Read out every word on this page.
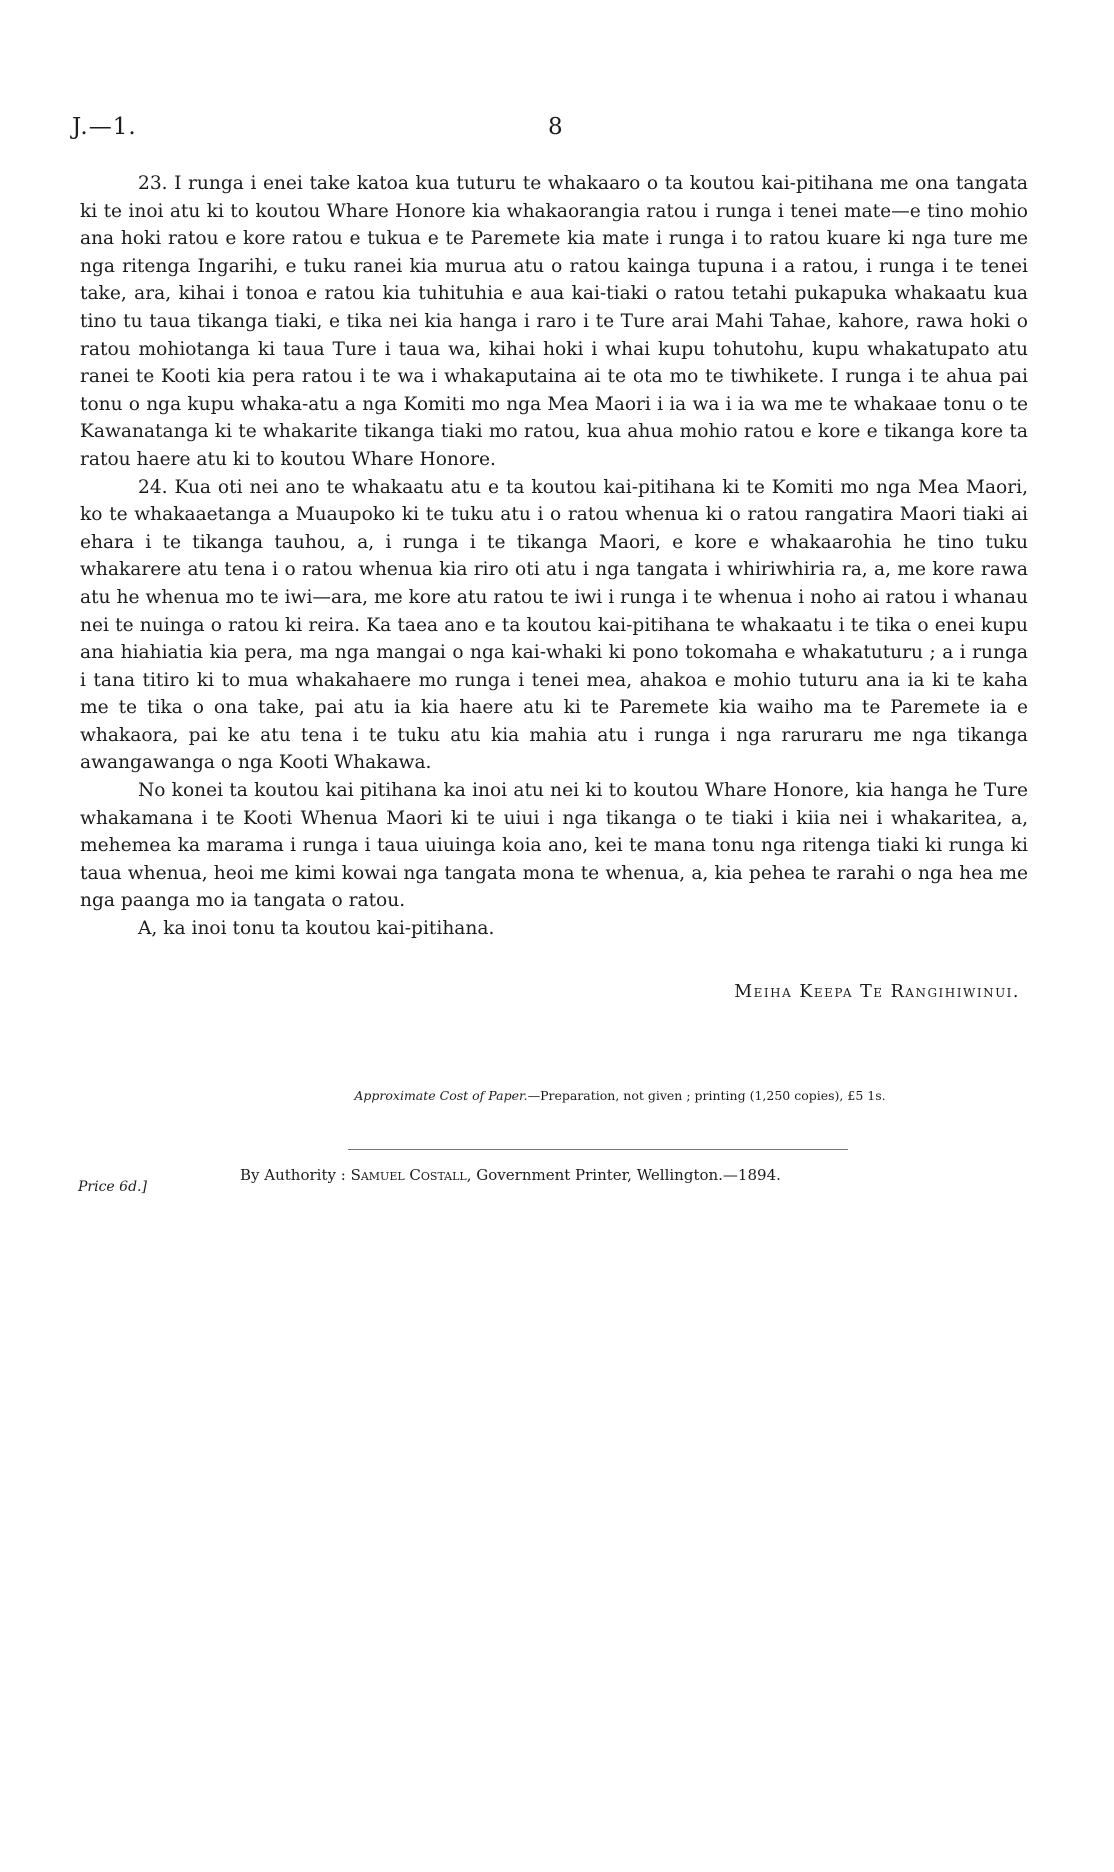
J.—1.	8

23. I runga i enei take katoa kua tuturu te whakaaro o ta koutou kai-pitihana me ona tangata ki te inoi atu ki to koutou Whare Honore kia whakaorangia ratou i runga i tenei mate—e tino mohio ana hoki ratou e kore ratou e tukua e te Paremete kia mate i runga i to ratou kuare ki nga ture me nga ritenga Ingarihi, e tuku ranei kia murua atu o ratou kainga tupuna i a ratou, i runga i te tenei take, ara, kihai i tonoa e ratou kia tuhituhia e aua kai-tiaki o ratou tetahi pukapuka whakaatu kua tino tu taua tikanga tiaki, e tika nei kia hanga i raro i te Ture arai Mahi Tahae, kahore, rawa hoki o ratou mohiotanga ki taua Ture i taua wa, kihai hoki i whai kupu tohutohu, kupu whakatupato atu ranei te Kooti kia pera ratou i te wa i whakaputaina ai te ota mo te tiwhikete. I runga i te ahua pai tonu o nga kupu whaka-atu a nga Komiti mo nga Mea Maori i ia wa i ia wa me te whakaae tonu o te Kawanatanga ki te whakarite tikanga tiaki mo ratou, kua ahua mohio ratou e kore e tikanga kore ta ratou haere atu ki to koutou Whare Honore.

24. Kua oti nei ano te whakaatu atu e ta koutou kai-pitihana ki te Komiti mo nga Mea Maori, ko te whakaaetanga a Muaupoko ki te tuku atu i o ratou whenua ki o ratou rangatira Maori tiaki ai ehara i te tikanga tauhou, a, i runga i te tikanga Maori, e kore e whakaarohia he tino tuku whakarere atu tena i o ratou whenua kia riro oti atu i nga tangata i whiriwhiria ra, a, me kore rawa atu he whenua mo te iwi—ara, me kore atu ratou te iwi i runga i te whenua i noho ai ratou i whanau nei te nuinga o ratou ki reira. Ka taea ano e ta koutou kai-pitihana te whakaatu i te tika o enei kupu ana hiahiatia kia pera, ma nga mangai o nga kai-whaki ki pono tokomaha e whakatuturu ; a i runga i tana titiro ki to mua whakahaere mo runga i tenei mea, ahakoa e mohio tuturu ana ia ki te kaha me te tika o ona take, pai atu ia kia haere atu ki te Paremete kia waiho ma te Paremete ia e whakaora, pai ke atu tena i te tuku atu kia mahia atu i runga i nga raruraru me nga tikanga awangawanga o nga Kooti Whakawa.

No konei ta koutou kai pitihana ka inoi atu nei ki to koutou Whare Honore, kia hanga he Ture whakamana i te Kooti Whenua Maori ki te uiui i nga tikanga o te tiaki i kiia nei i whakaritea, a, mehemea ka marama i runga i taua uiuinga koia ano, kei te mana tonu nga ritenga tiaki ki runga ki taua whenua, heoi me kimi kowai nga tangata mona te whenua, a, kia pehea te rarahi o nga hea me nga paanga mo ia tangata o ratou.

A, ka inoi tonu ta koutou kai-pitihana.

Meiha Keepa Te Rangihiwinui.
Approximate Cost of Paper.—Preparation, not given ; printing (1,250 copies), £5 1s.
Price 6d.]
By Authority : Samuel Costall, Government Printer, Wellington.—1894.
